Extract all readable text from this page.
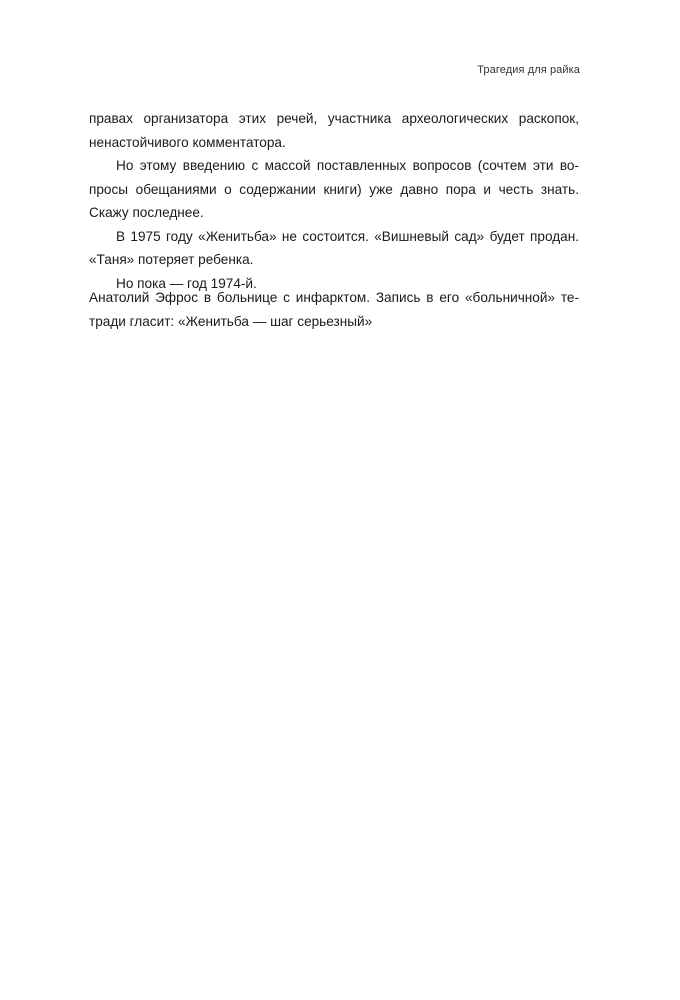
Трагедия для райка
правах организатора этих речей, участника археологических раскопок,
ненастойчивого комментатора.
Но этому введению с массой поставленных вопросов (сочтем эти во-
просы обещаниями о содержании книги) уже давно пора и честь знать.
Скажу последнее.
В 1975 году «Женитьба» не состоится. «Вишневый сад» будет продан.
«Таня» потеряет ребенка.
Но пока — год 1974-й.
Анатолий Эфрос в больнице с инфарктом. Запись в его «больничной» те-
тради гласит: «Женитьба — шаг серьезный»
